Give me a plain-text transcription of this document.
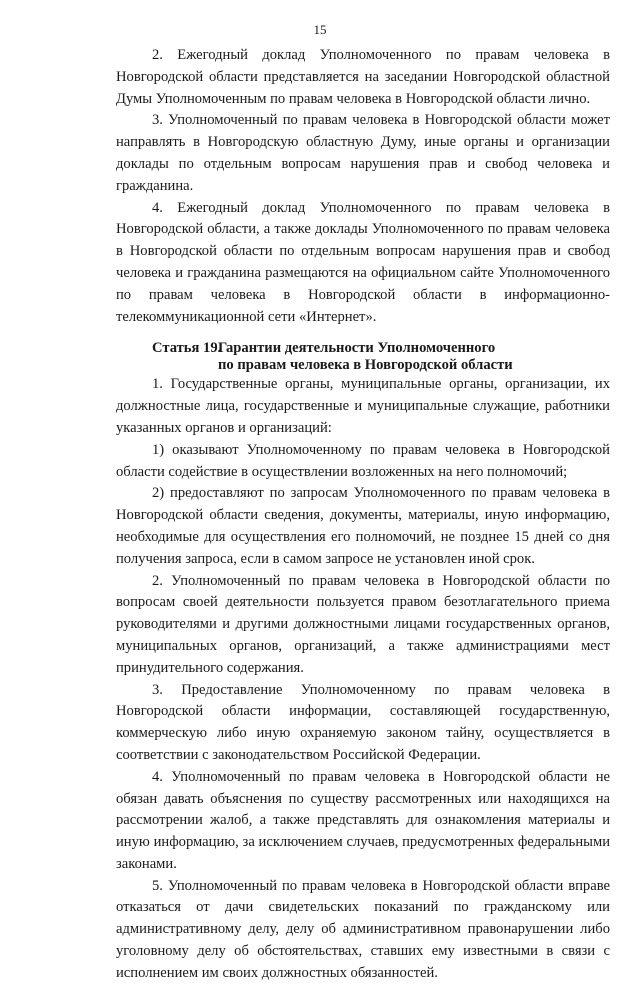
15

2. Ежегодный доклад Уполномоченного по правам человека в Новгородской области представляется на заседании Новгородской областной Думы Уполномоченным по правам человека в Новгородской области лично.

3. Уполномоченный по правам человека в Новгородской области может направлять в Новгородскую областную Думу, иные органы и организации доклады по отдельным вопросам нарушения прав и свобод человека и гражданина.

4. Ежегодный доклад Уполномоченного по правам человека в Новгородской области, а также доклады Уполномоченного по правам человека в Новгородской области по отдельным вопросам нарушения прав и свобод человека и гражданина размещаются на официальном сайте Уполномоченного по правам человека в Новгородской области в информационно-телекоммуникационной сети «Интернет».

Статья 19.
Гарантии деятельности Уполномоченного
по правам человека в Новгородской области

1. Государственные органы, муниципальные органы, организации, их должностные лица, государственные и муниципальные служащие, работники указанных органов и организаций:

1) оказывают Уполномоченному по правам человека в Новгородской области содействие в осуществлении возложенных на него полномочий;

2) предоставляют по запросам Уполномоченного по правам человека в Новгородской области сведения, документы, материалы, иную информацию, необходимые для осуществления его полномочий, не позднее 15 дней со дня получения запроса, если в самом запросе не установлен иной срок.

2. Уполномоченный по правам человека в Новгородской области по вопросам своей деятельности пользуется правом безотлагательного приема руководителями и другими должностными лицами государственных органов, муниципальных органов, организаций, а также администрациями мест принудительного содержания.

3. Предоставление Уполномоченному по правам человека в Новгородской области информации, составляющей государственную, коммерческую либо иную охраняемую законом тайну, осуществляется в соответствии с законодательством Российской Федерации.

4. Уполномоченный по правам человека в Новгородской области не обязан давать объяснения по существу рассмотренных или находящихся на рассмотрении жалоб, а также представлять для ознакомления материалы и иную информацию, за исключением случаев, предусмотренных федеральными законами.

5. Уполномоченный по правам человека в Новгородской области вправе отказаться от дачи свидетельских показаний по гражданскому или административному делу, делу об административном правонарушении либо уголовному делу об обстоятельствах, ставших ему известными в связи с исполнением им своих должностных обязанностей.
